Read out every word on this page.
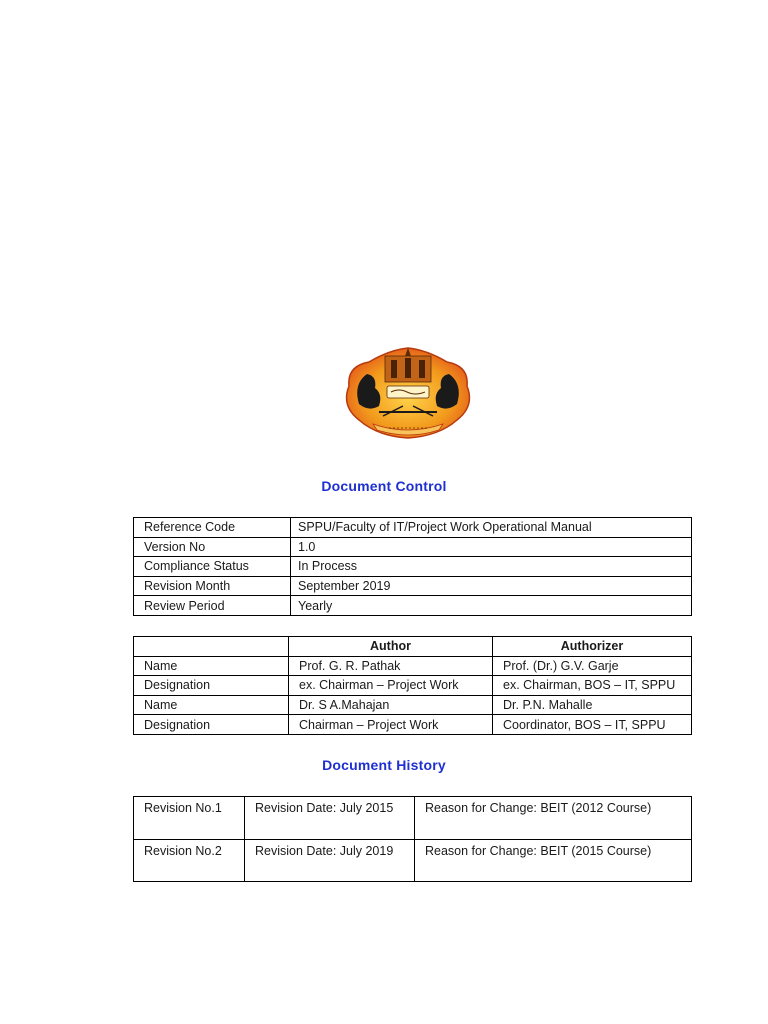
Document Control
Reference Code	SPPU/Faculty of IT/Project Work Operational Manual
Version No	1.0
Compliance Status	In Process
Revision Month	September 2019
Review Period	Yearly
	Author	Authorizer
Name	Prof. G. R. Pathak	Prof. (Dr.) G.V. Garje
Designation	ex. Chairman – Project Work	ex. Chairman, BOS – IT, SPPU
Name	Dr. S A.Mahajan	Dr. P.N. Mahalle
Designation	Chairman – Project Work	Coordinator, BOS – IT, SPPU
Document History
Revision No.1	Revision Date: July 2015	Reason for Change: BEIT (2012 Course)
Revision No.2	Revision Date: July 2019	Reason for Change: BEIT (2015 Course)
